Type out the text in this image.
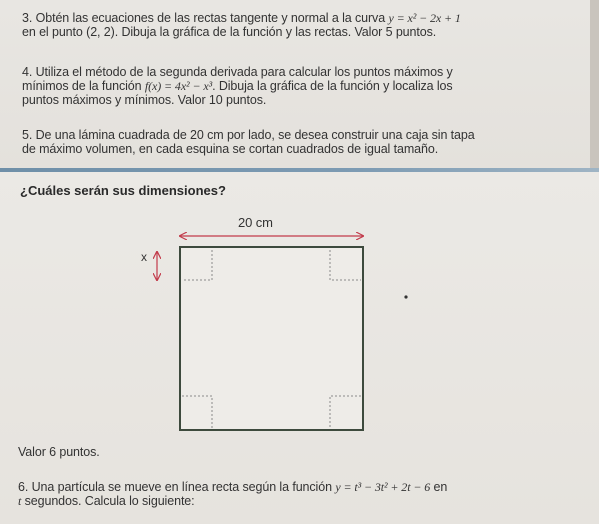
3. Obtén las ecuaciones de las rectas tangente y normal a la curva y = x² − 2x + 1
en el punto (2, 2). Dibuja la gráfica de la función y las rectas. Valor 5 puntos.
4. Utiliza el método de la segunda derivada para calcular los puntos máximos y
mínimos de la función f(x) = 4x² − x³. Dibuja la gráfica de la función y localiza los
puntos máximos y mínimos. Valor 10 puntos.
5. De una lámina cuadrada de 20 cm por lado, se desea construir una caja sin tapa
de máximo volumen, en cada esquina se cortan cuadrados de igual tamaño.
¿Cuáles serán sus dimensiones?
20 cm
x
Valor 6 puntos.
6. Una partícula se mueve en línea recta según la función y = t³ − 3t² + 2t − 6 en
t segundos. Calcula lo siguiente:
